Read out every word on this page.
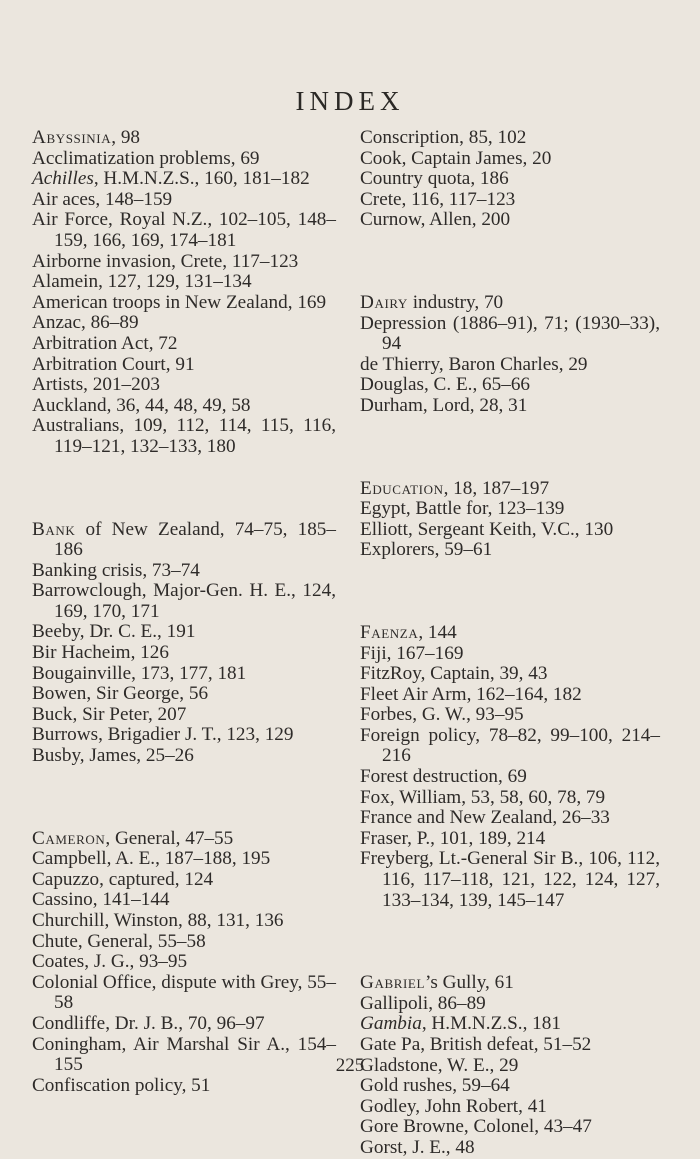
INDEX

Abyssinia, 98

Acclimatization problems, 69

Achilles, H.M.N.Z.S., 160, 181–182

Air aces, 148–159

Air Force, Royal N.Z., 102–105, 148–159, 166, 169, 174–181

Airborne invasion, Crete, 117–123

Alamein, 127, 129, 131–134

American troops in New Zealand, 169

Anzac, 86–89

Arbitration Act, 72

Arbitration Court, 91

Artists, 201–203

Auckland, 36, 44, 48, 49, 58

Australians, 109, 112, 114, 115, 116, 119–121, 132–133, 180

Bank of New Zealand, 74–75, 185–186

Banking crisis, 73–74

Barrowclough, Major-Gen. H. E., 124, 169, 170, 171

Beeby, Dr. C. E., 191

Bir Hacheim, 126

Bougainville, 173, 177, 181

Bowen, Sir George, 56

Buck, Sir Peter, 207

Burrows, Brigadier J. T., 123, 129

Busby, James, 25–26

Cameron, General, 47–55

Campbell, A. E., 187–188, 195

Capuzzo, captured, 124

Cassino, 141–144

Churchill, Winston, 88, 131, 136

Chute, General, 55–58

Coates, J. G., 93–95

Colonial Office, dispute with Grey, 55–58

Condliffe, Dr. J. B., 70, 96–97

Coningham, Air Marshal Sir A., 154–155

Confiscation policy, 51

Conscription, 85, 102

Cook, Captain James, 20

Country quota, 186

Crete, 116, 117–123

Curnow, Allen, 200

Dairy industry, 70

Depression (1886–91), 71; (1930–33), 94

de Thierry, Baron Charles, 29

Douglas, C. E., 65–66

Durham, Lord, 28, 31

Education, 18, 187–197

Egypt, Battle for, 123–139

Elliott, Sergeant Keith, V.C., 130

Explorers, 59–61

Faenza, 144

Fiji, 167–169

FitzRoy, Captain, 39, 43

Fleet Air Arm, 162–164, 182

Forbes, G. W., 93–95

Foreign policy, 78–82, 99–100, 214–216

Forest destruction, 69

Fox, William, 53, 58, 60, 78, 79

France and New Zealand, 26–33

Fraser, P., 101, 189, 214

Freyberg, Lt.-General Sir B., 106, 112, 116, 117–118, 121, 122, 124, 127, 133–134, 139, 145–147

Gabriel’s Gully, 61

Gallipoli, 86–89

Gambia, H.M.N.Z.S., 181

Gate Pa, British defeat, 51–52

Gladstone, W. E., 29

Gold rushes, 59–64

Godley, John Robert, 41

Gore Browne, Colonel, 43–47

Gorst, J. E., 48

225
